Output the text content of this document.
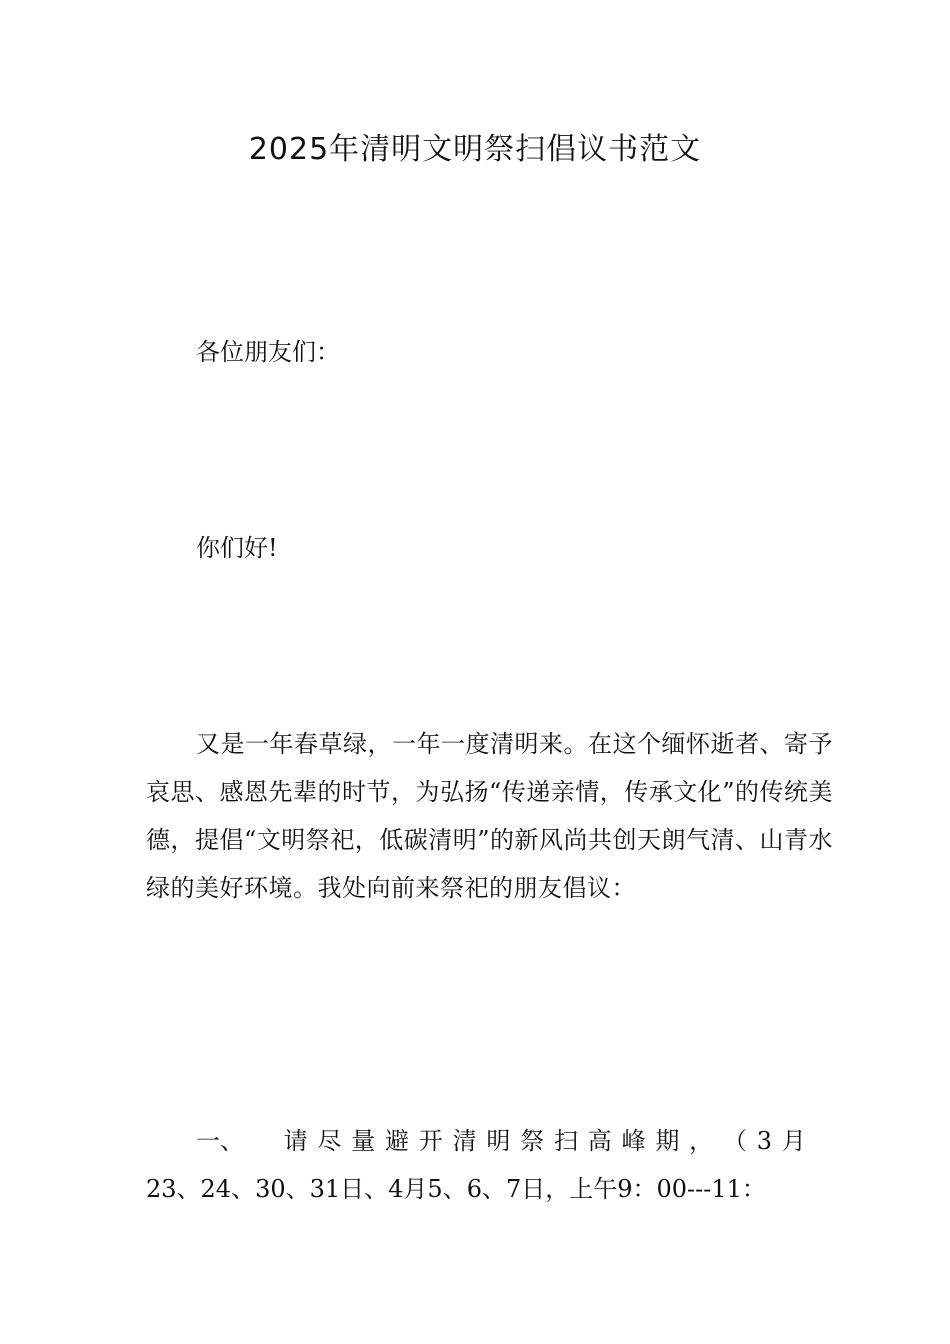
2025年清明文明祭扫倡议书范文

各位朋友们：

你们好!

又是一年春草绿，一年一度清明来。在这个缅怀逝者、寄予哀思、感恩先辈的时节，为弘扬“传递亲情，传承文化”的传统美德，提倡“文明祭祀，低碳清明”的新风尚共创天朗气清、山青水绿的美好环境。我处向前来祭祀的朋友倡议：

一、 请 尽 量 避 开 清 明 祭 扫 高 峰 期 ， （ 3 月

23、24、30、31日、4月5、6、7日，上午9：00---11：
